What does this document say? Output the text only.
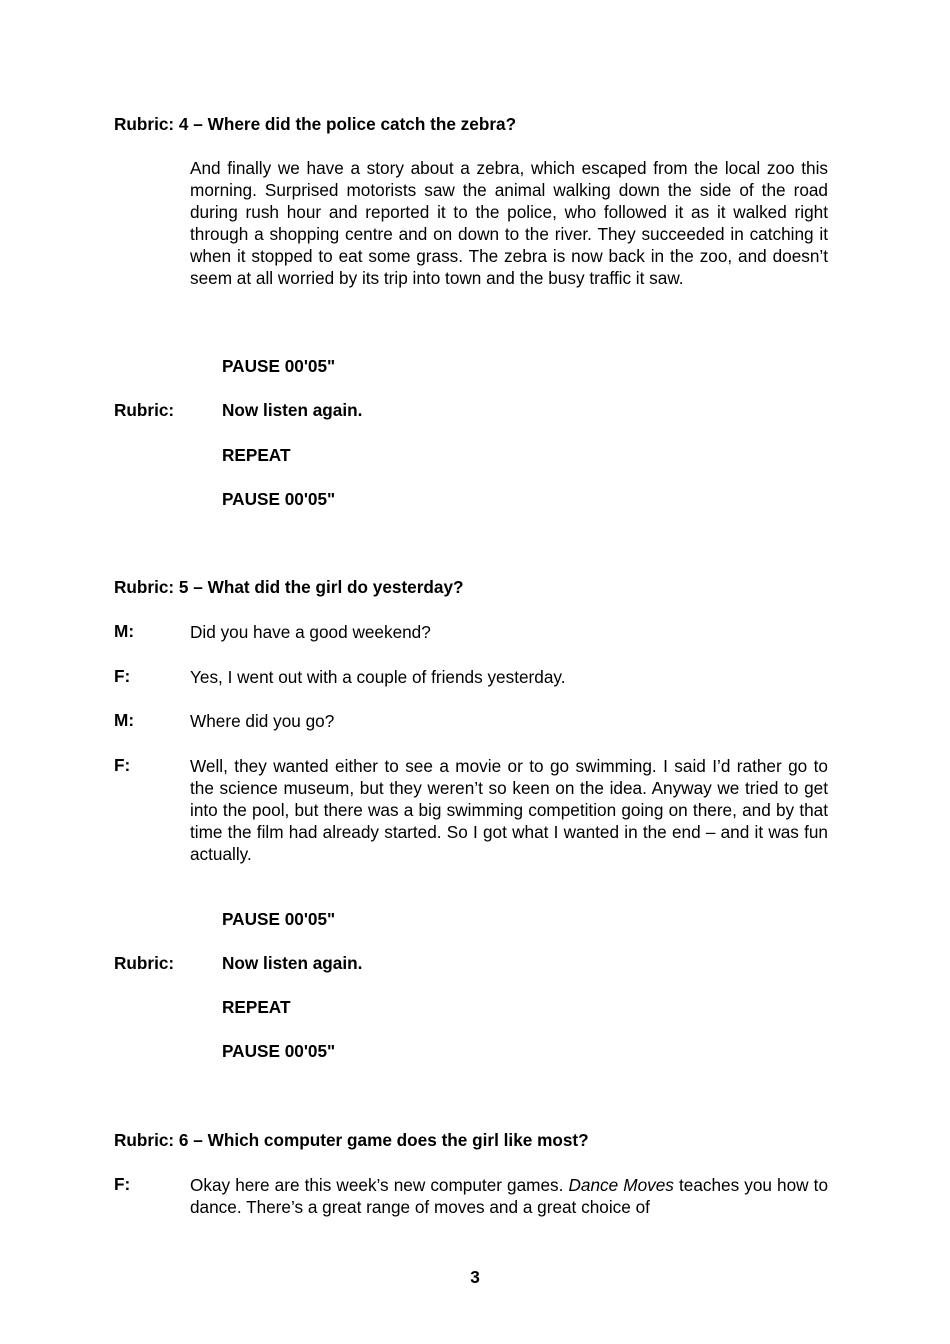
Rubric: 4 – Where did the police catch the zebra?
And finally we have a story about a zebra, which escaped from the local zoo this morning. Surprised motorists saw the animal walking down the side of the road during rush hour and reported it to the police, who followed it as it walked right through a shopping centre and on down to the river. They succeeded in catching it when it stopped to eat some grass. The zebra is now back in the zoo, and doesn’t seem at all worried by its trip into town and the busy traffic it saw.
PAUSE 00'05"
Rubric:	Now listen again.
REPEAT
PAUSE 00'05"
Rubric: 5 – What did the girl do yesterday?
M:	Did you have a good weekend?
F:	Yes, I went out with a couple of friends yesterday.
M:	Where did you go?
F:	Well, they wanted either to see a movie or to go swimming. I said I’d rather go to the science museum, but they weren’t so keen on the idea. Anyway we tried to get into the pool, but there was a big swimming competition going on there, and by that time the film had already started. So I got what I wanted in the end – and it was fun actually.
PAUSE 00'05"
Rubric:	Now listen again.
REPEAT
PAUSE 00'05"
Rubric: 6 – Which computer game does the girl like most?
F:	Okay here are this week’s new computer games. Dance Moves teaches you how to dance. There’s a great range of moves and a great choice of
3
